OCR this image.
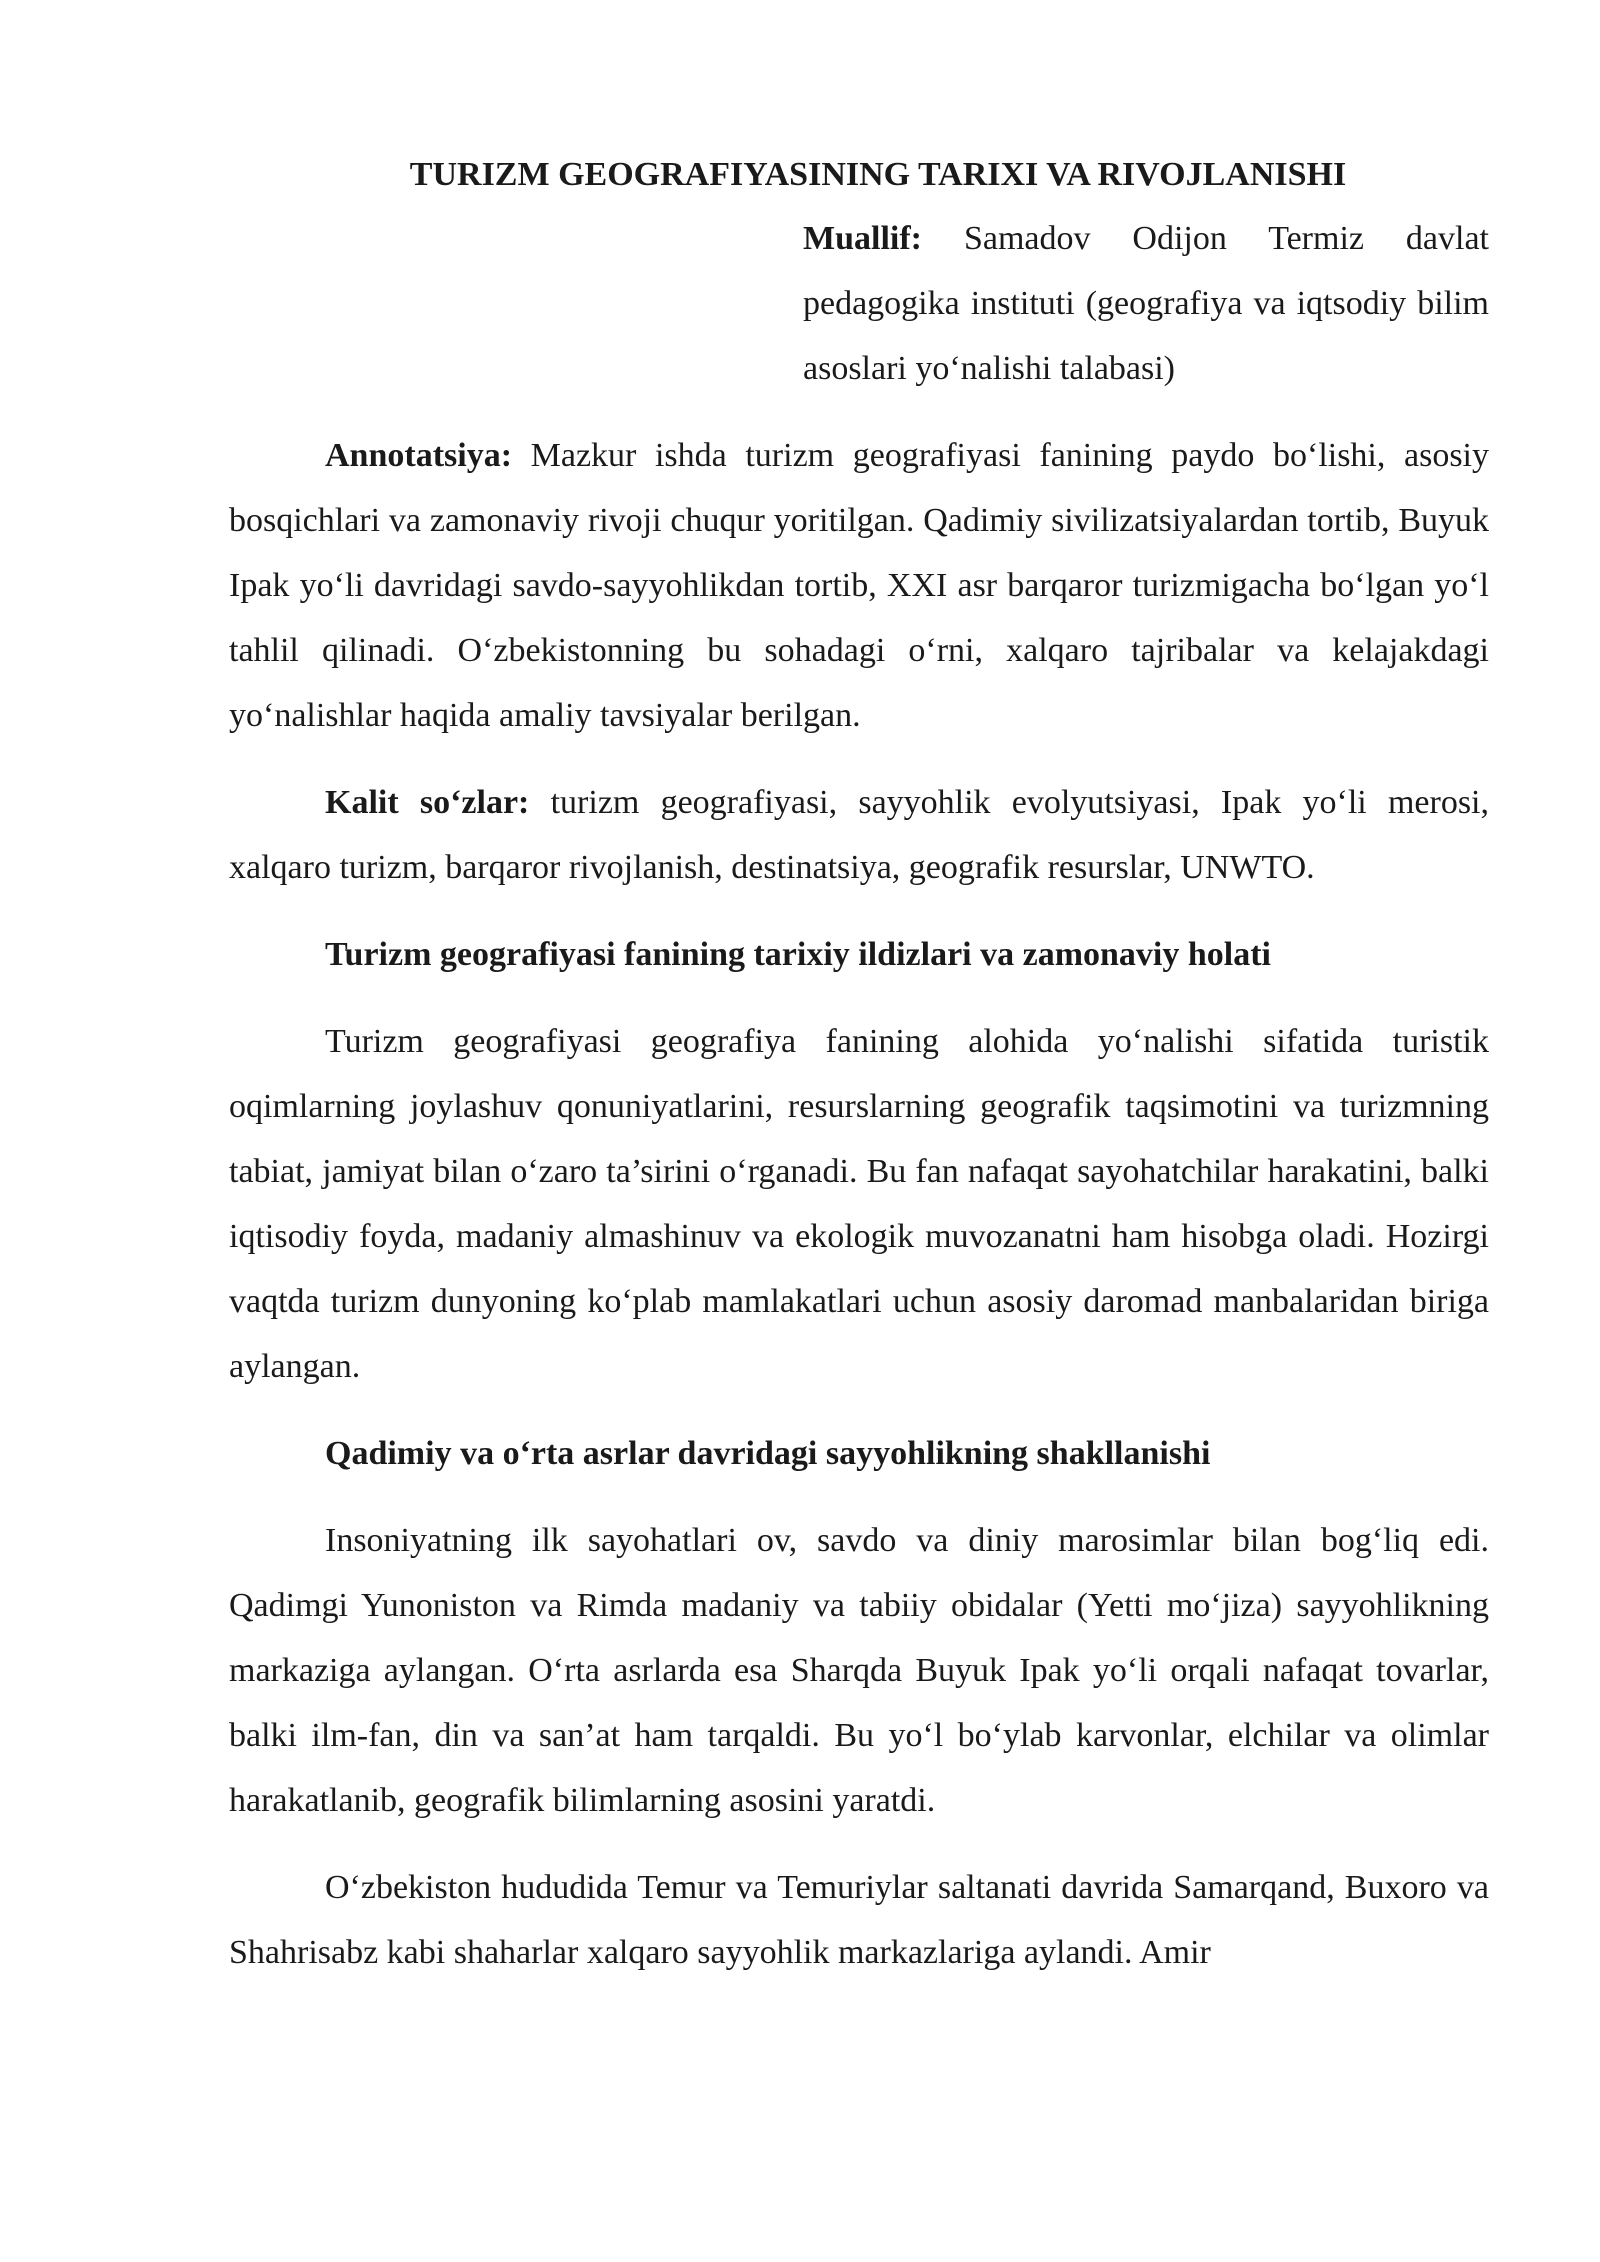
TURIZM GEOGRAFIYASINING TARIXI VA RIVOJLANISHI
Muallif: Samadov Odijon Termiz davlat pedagogika instituti (geografiya va iqtsodiy bilim asoslari yo‘nalishi talabasi)

Annotatsiya: Mazkur ishda turizm geografiyasi fanining paydo bo‘lishi, asosiy bosqichlari va zamonaviy rivoji chuqur yoritilgan. Qadimiy sivilizatsiyalardan tortib, Buyuk Ipak yo‘li davridagi savdo-sayyohlikdan tortib, XXI asr barqaror turizmigacha bo‘lgan yo‘l tahlil qilinadi. O‘zbekistonning bu sohadagi o‘rni, xalqaro tajribalar va kelajakdagi yo‘nalishlar haqida amaliy tavsiyalar berilgan.

Kalit so‘zlar: turizm geografiyasi, sayyohlik evolyutsiyasi, Ipak yo‘li merosi, xalqaro turizm, barqaror rivojlanish, destinatsiya, geografik resurslar, UNWTO.

Turizm geografiyasi fanining tarixiy ildizlari va zamonaviy holati

Turizm geografiyasi geografiya fanining alohida yo‘nalishi sifatida turistik oqimlarning joylashuv qonuniyatlarini, resurslarning geografik taqsimotini va turizmning tabiat, jamiyat bilan o‘zaro ta’sirini o‘rganadi. Bu fan nafaqat sayohatchilar harakatini, balki iqtisodiy foyda, madaniy almashinuv va ekologik muvozanatni ham hisobga oladi. Hozirgi vaqtda turizm dunyoning ko‘plab mamlakatlari uchun asosiy daromad manbalaridan biriga aylangan.

Qadimiy va o‘rta asrlar davridagi sayyohlikning shakllanishi

Insoniyatning ilk sayohatlari ov, savdo va diniy marosimlar bilan bog‘liq edi. Qadimgi Yunoniston va Rimda madaniy va tabiiy obidalar (Yetti mo‘jiza) sayyohlikning markaziga aylangan. O‘rta asrlarda esa Sharqda Buyuk Ipak yo‘li orqali nafaqat tovarlar, balki ilm-fan, din va san’at ham tarqaldi. Bu yo‘l bo‘ylab karvonlar, elchilar va olimlar harakatlanib, geografik bilimlarning asosini yaratdi.

O‘zbekiston hududida Temur va Temuriylar saltanati davrida Samarqand, Buxoro va Shahrisabz kabi shaharlar xalqaro sayyohlik markazlariga aylandi. Amir
